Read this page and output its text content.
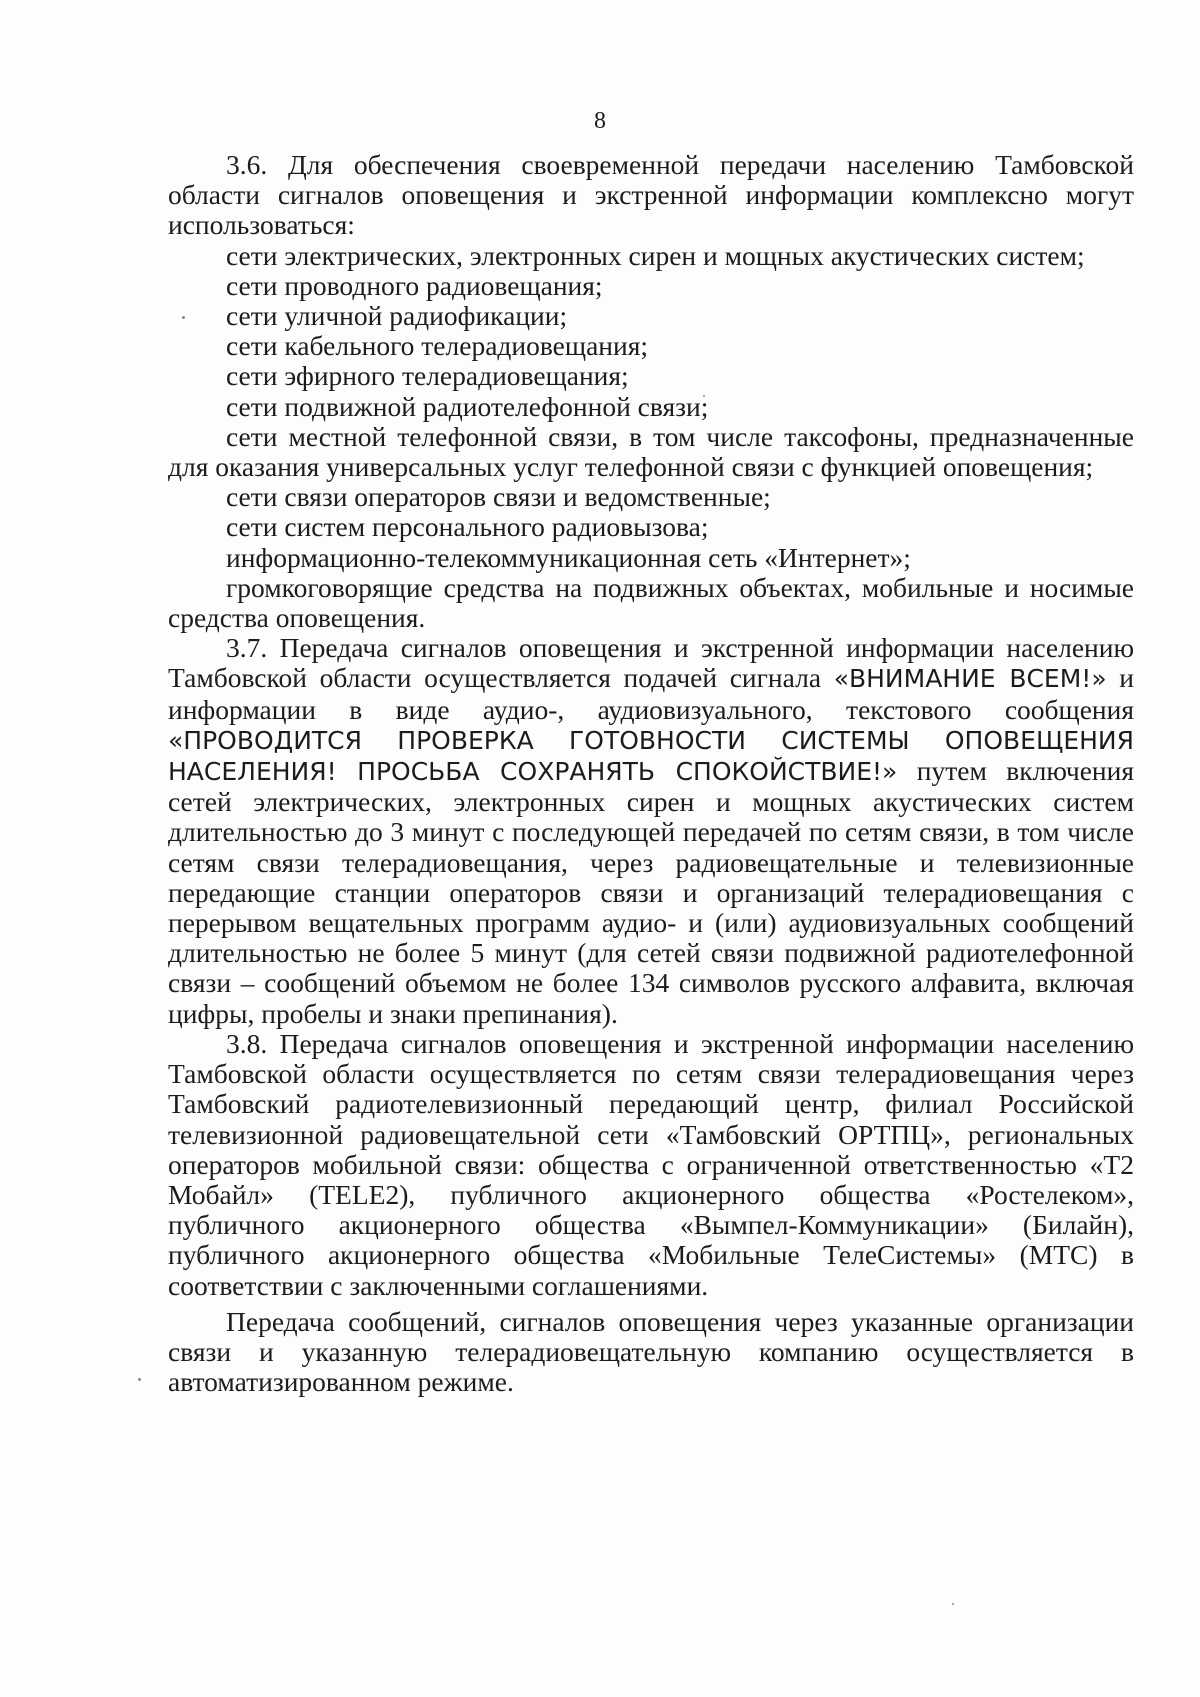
8

3.6. Для обеспечения своевременной передачи населению Тамбовской области сигналов оповещения и экстренной информации комплексно могут использоваться:

сети электрических, электронных сирен и мощных акустических систем;

сети проводного радиовещания;

сети уличной радиофикации;

сети кабельного телерадиовещания;

сети эфирного телерадиовещания;

сети подвижной радиотелефонной связи;

сети местной телефонной связи, в том числе таксофоны, предназначенные для оказания универсальных услуг телефонной связи с функцией оповещения;

сети связи операторов связи и ведомственные;

сети систем персонального радиовызова;

информационно-телекоммуникационная сеть «Интернет»;

громкоговорящие средства на подвижных объектах, мобильные и носимые средства оповещения.

3.7. Передача сигналов оповещения и экстренной информации населению Тамбовской области осуществляется подачей сигнала «ВНИМАНИЕ ВСЕМ!» и информации в виде аудио-, аудиовизуального, текстового сообщения «ПРОВОДИТСЯ ПРОВЕРКА ГОТОВНОСТИ СИСТЕМЫ ОПОВЕЩЕНИЯ НАСЕЛЕНИЯ! ПРОСЬБА СОХРАНЯТЬ СПОКОЙСТВИЕ!» путем включения сетей электрических, электронных сирен и мощных акустических систем длительностью до 3 минут с последующей передачей по сетям связи, в том числе сетям связи телерадиовещания, через радиовещательные и телевизионные передающие станции операторов связи и организаций телерадиовещания с перерывом вещательных программ аудио- и (или) аудиовизуальных сообщений длительностью не более 5 минут (для сетей связи подвижной радиотелефонной связи – сообщений объемом не более 134 символов русского алфавита, включая цифры, пробелы и знаки препинания).

3.8. Передача сигналов оповещения и экстренной информации населению Тамбовской области осуществляется по сетям связи телерадиовещания через Тамбовский радиотелевизионный передающий центр, филиал Российской телевизионной радиовещательной сети «Тамбовский ОРТПЦ», региональных операторов мобильной связи: общества с ограниченной ответственностью «Т2 Мобайл» (TELE2), публичного акционерного общества «Ростелеком», публичного акционерного общества «Вымпел-Коммуникации» (Билайн), публичного акционерного общества «Мобильные ТелеСистемы» (МТС) в соответствии с заключенными соглашениями.

Передача сообщений, сигналов оповещения через указанные организации связи и указанную телерадиовещательную компанию осуществляется в автоматизированном режиме.
